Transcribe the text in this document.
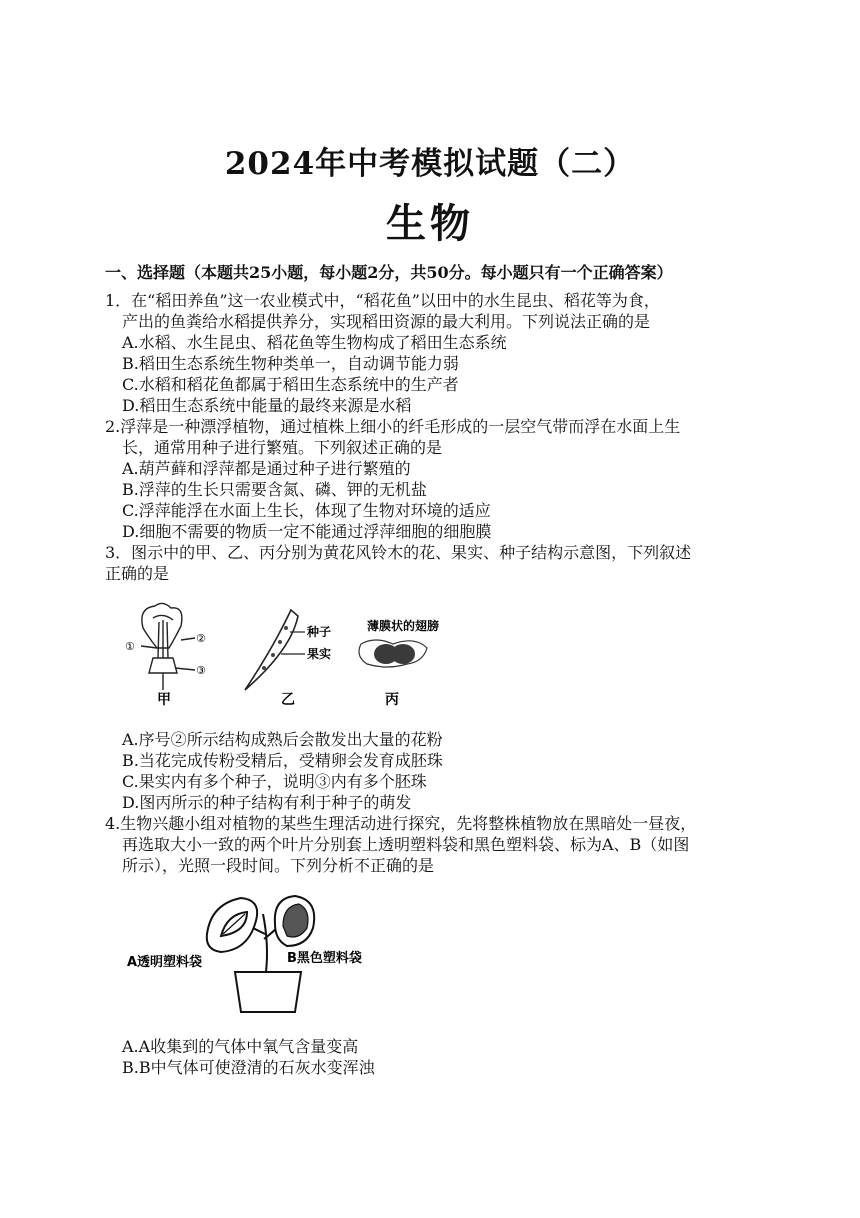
2024年中考模拟试题（二）
生物
一、选择题（本题共25小题，每小题2分，共50分。每小题只有一个正确答案）
1．在“稻田养鱼”这一农业模式中，“稻花鱼”以田中的水生昆虫、稻花等为食，
产出的鱼粪给水稻提供养分，实现稻田资源的最大利用。下列说法正确的是
A.水稻、水生昆虫、稻花鱼等生物构成了稻田生态系统
B.稻田生态系统生物种类单一，自动调节能力弱
C.水稻和稻花鱼都属于稻田生态系统中的生产者
D.稻田生态系统中能量的最终来源是水稻
2.浮萍是一种漂浮植物，通过植株上细小的纤毛形成的一层空气带而浮在水面上生
长，通常用种子进行繁殖。下列叙述正确的是
A.葫芦藓和浮萍都是通过种子进行繁殖的
B.浮萍的生长只需要含氮、磷、钾的无机盐
C.浮萍能浮在水面上生长，体现了生物对环境的适应
D.细胞不需要的物质一定不能通过浮萍细胞的细胞膜
3．图示中的甲、乙、丙分别为黄花风铃木的花、果实、种子结构示意图，下列叙述
正确的是
①
②
③
甲
种子
果实
乙
薄膜状的翅膀
丙
A.序号②所示结构成熟后会散发出大量的花粉
B.当花完成传粉受精后，受精卵会发育成胚珠
C.果实内有多个种子，说明③内有多个胚珠
D.图丙所示的种子结构有利于种子的萌发
4.生物兴趣小组对植物的某些生理活动进行探究，先将整株植物放在黑暗处一昼夜，
再选取大小一致的两个叶片分别套上透明塑料袋和黑色塑料袋、标为A、B（如图
所示），光照一段时间。下列分析不正确的是
A透明塑料袋	B黑色塑料袋
A.A收集到的气体中氧气含量变高
B.B中气体可使澄清的石灰水变浑浊
